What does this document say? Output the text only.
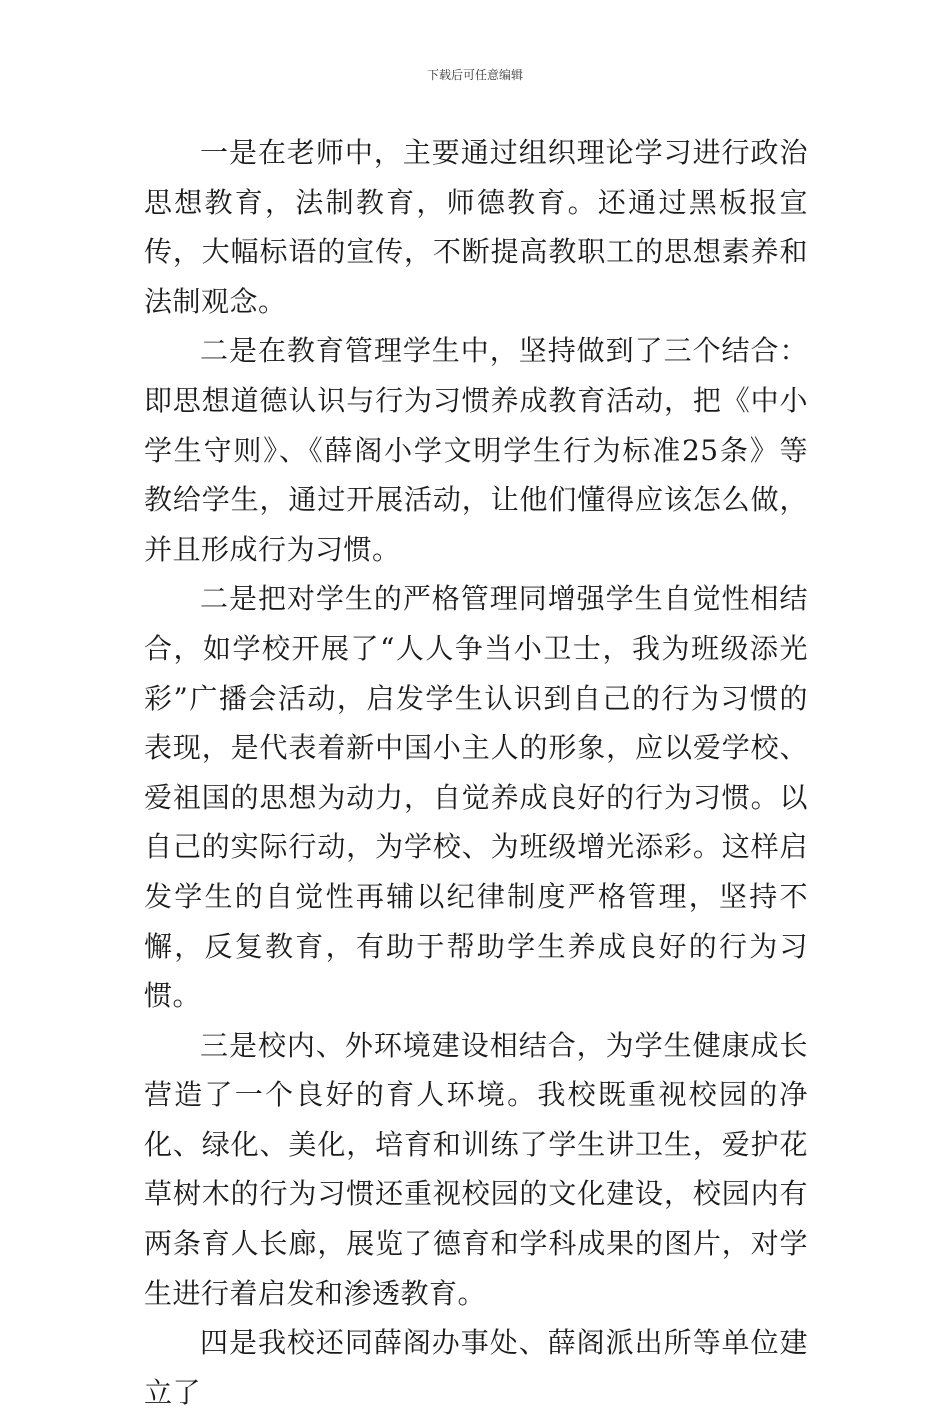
下载后可任意编辑

一是在老师中，主要通过组织理论学习进行政治思想教育，法制教育，师德教育。还通过黑板报宣传，大幅标语的宣传，不断提高教职工的思想素养和法制观念。

二是在教育管理学生中，坚持做到了三个结合：即思想道德认识与行为习惯养成教育活动，把《中小学生守则》、《薛阁小学文明学生行为标准25条》等教给学生，通过开展活动，让他们懂得应该怎么做，并且形成行为习惯。

二是把对学生的严格管理同增强学生自觉性相结合，如学校开展了“人人争当小卫士，我为班级添光彩”广播会活动，启发学生认识到自己的行为习惯的表现，是代表着新中国小主人的形象，应以爱学校、爱祖国的思想为动力，自觉养成良好的行为习惯。以自己的实际行动，为学校、为班级增光添彩。这样启发学生的自觉性再辅以纪律制度严格管理，坚持不懈，反复教育，有助于帮助学生养成良好的行为习惯。

三是校内、外环境建设相结合，为学生健康成长营造了一个良好的育人环境。我校既重视校园的净化、绿化、美化，培育和训练了学生讲卫生，爱护花草树木的行为习惯还重视校园的文化建设，校园内有两条育人长廊，展览了德育和学科成果的图片，对学生进行着启发和渗透教育。

四是我校还同薛阁办事处、薛阁派出所等单位建立了
